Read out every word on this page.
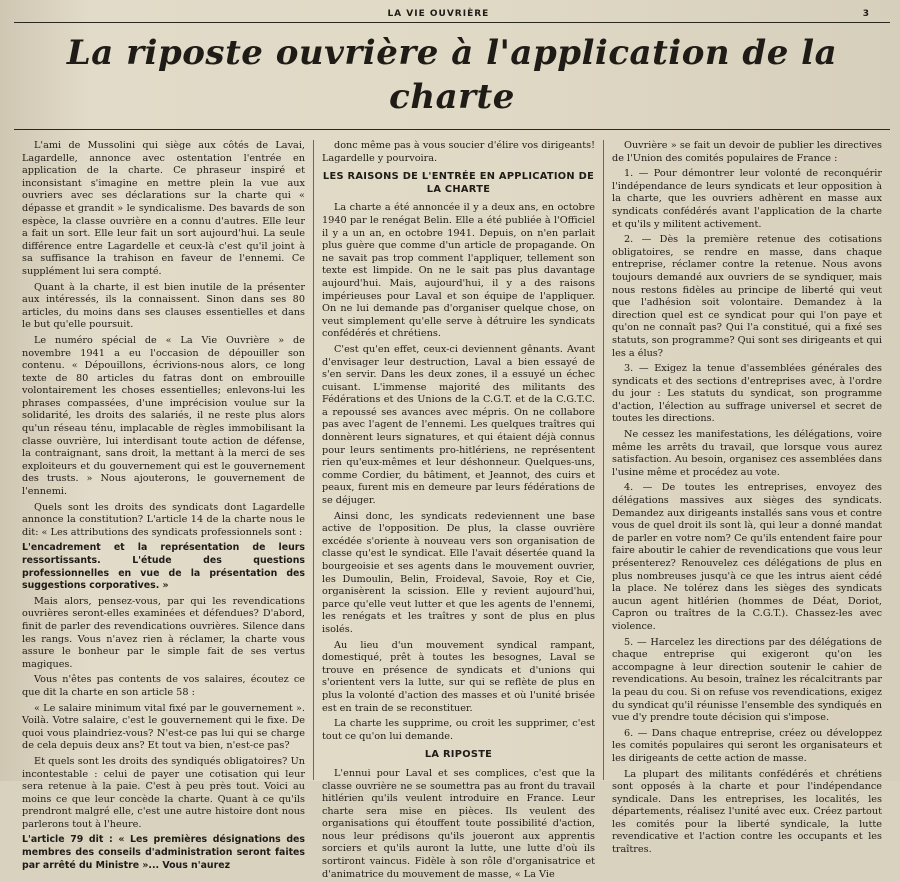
LA VIE OUVRIÈRE	3
La riposte ouvrière à l'application de la charte

L'ami de Mussolini qui siège aux côtés de Lavai, Lagardelle, annonce avec ostentation l'entrée en application de la charte. Ce phraseur inspiré et inconsistant s'imagine en mettre plein la vue aux ouvriers avec ses déclarations sur la charte qui « dépasse et grandit » le syndicalisme. Des bavards de son espèce, la classe ouvrière en a connu d'autres. Elle leur a fait un sort. Elle leur fait un sort aujourd'hui. La seule différence entre Lagardelle et ceux-là c'est qu'il joint à sa suffisance la trahison en faveur de l'ennemi. Ce supplément lui sera compté.

Quant à la charte, il est bien inutile de la présenter aux intéressés, ils la connaissent. Sinon dans ses 80 articles, du moins dans ses clauses essentielles et dans le but qu'elle poursuit.

Le numéro spécial de « La Vie Ouvrière » de novembre 1941 a eu l'occasion de dépouiller son contenu. « Dépouillons, écrivions-nous alors, ce long texte de 80 articles du fatras dont on embrouille volontairement les choses essentielles; enlevons-lui les phrases compassées, d'une imprécision voulue sur la solidarité, les droits des salariés, il ne reste plus alors qu'un réseau ténu, implacable de règles immobilisant la classe ouvrière, lui interdisant toute action de défense, la contraignant, sans droit, la mettant à la merci de ses exploiteurs et du gouvernement qui est le gouvernement des trusts. » Nous ajouterons, le gouvernement de l'ennemi.

Quels sont les droits des syndicats dont Lagardelle annonce la constitution? L'article 14 de la charte nous le dit: « Les attributions des syndicats professionnels sont :

L'encadrement et la représentation de leurs ressortissants. L'étude des questions professionnelles en vue de la présentation des suggestions corporatives. »

Mais alors, pensez-vous, par qui les revendications ouvrières seront-elles examinées et défendues? D'abord, finit de parler des revendications ouvrières. Silence dans les rangs. Vous n'avez rien à réclamer, la charte vous assure le bonheur par le simple fait de ses vertus magiques.

Vous n'êtes pas contents de vos salaires, écoutez ce que dit la charte en son article 58 :

« Le salaire minimum vital fixé par le gouvernement ». Voilà. Votre salaire, c'est le gouvernement qui le fixe. De quoi vous plaindriez-vous? N'est-ce pas lui qui se charge de cela depuis deux ans? Et tout va bien, n'est-ce pas?

Et quels sont les droits des syndiqués obligatoires? Un incontestable : celui de payer une cotisation qui leur sera retenue à la paie. C'est à peu près tout. Voici au moins ce que leur concède la charte. Quant à ce qu'ils prendront malgré elle, c'est une autre histoire dont nous parlerons tout à l'heure.

L'article 79 dit : « Les premières désignations des membres des conseils d'administration seront faites par arrêté du Ministre »... Vous n'aurez

donc même pas à vous soucier d'élire vos dirigeants! Lagardelle y pourvoira.

LES RAISONS DE L'ENTRÉE EN APPLICATION DE LA CHARTE

La charte a été annoncée il y a deux ans, en octobre 1940 par le renégat Belin. Elle a été publiée à l'Officiel il y a un an, en octobre 1941. Depuis, on n'en parlait plus guère que comme d'un article de propagande. On ne savait pas trop comment l'appliquer, tellement son texte est limpide. On ne le sait pas plus davantage aujourd'hui. Mais, aujourd'hui, il y a des raisons impérieuses pour Laval et son équipe de l'appliquer. On ne lui demande pas d'organiser quelque chose, on veut simplement qu'elle serve à détruire les syndicats confédérés et chrétiens.

C'est qu'en effet, ceux-ci deviennent gênants. Avant d'envisager leur destruction, Laval a bien essayé de s'en servir. Dans les deux zones, il a essuyé un échec cuisant. L'immense majorité des militants des Fédérations et des Unions de la C.G.T. et de la C.G.T.C. a repoussé ses avances avec mépris. On ne collabore pas avec l'agent de l'ennemi. Les quelques traîtres qui donnèrent leurs signatures, et qui étaient déjà connus pour leurs sentiments pro-hitlériens, ne représentent rien qu'eux-mêmes et leur déshonneur. Quelques-uns, comme Cordier, du bâtiment, et Jeannot, des cuirs et peaux, furent mis en demeure par leurs fédérations de se déjuger.

Ainsi donc, les syndicats redeviennent une base active de l'opposition. De plus, la classe ouvrière excédée s'oriente à nouveau vers son organisation de classe qu'est le syndicat. Elle l'avait désertée quand la bourgeoisie et ses agents dans le mouvement ouvrier, les Dumoulin, Belin, Froideval, Savoie, Roy et Cie, organisèrent la scission. Elle y revient aujourd'hui, parce qu'elle veut lutter et que les agents de l'ennemi, les renégats et les traîtres y sont de plus en plus isolés.

Au lieu d'un mouvement syndical rampant, domestiqué, prêt à toutes les besognes, Laval se trouve en présence de syndicats et d'unions qui s'orientent vers la lutte, sur qui se reflète de plus en plus la volonté d'action des masses et où l'unité brisée est en train de se reconstituer.

La charte les supprime, ou croit les supprimer, c'est tout ce qu'on lui demande.

LA RIPOSTE

L'ennui pour Laval et ses complices, c'est que la classe ouvrière ne se soumettra pas au front du travail hitlérien qu'ils veulent introduire en France. Leur charte sera mise en pièces. Ils veulent des organisations qui étouffent toute possibilité d'action, nous leur prédisons qu'ils joueront aux apprentis sorciers et qu'ils auront la lutte, une lutte d'où ils sortiront vaincus. Fidèle à son rôle d'organisatrice et d'animatrice du mouvement de masse, « La Vie

Ouvrière » se fait un devoir de publier les directives de l'Union des comités populaires de France :

1. — Pour démontrer leur volonté de reconquérir l'indépendance de leurs syndicats et leur opposition à la charte, que les ouvriers adhèrent en masse aux syndicats confédérés avant l'application de la charte et qu'ils y militent activement.

2. — Dès la première retenue des cotisations obligatoires, se rendre en masse, dans chaque entreprise, réclamer contre la retenue. Nous avons toujours demandé aux ouvriers de se syndiquer, mais nous restons fidèles au principe de liberté qui veut que l'adhésion soit volontaire. Demandez à la direction quel est ce syndicat pour qui l'on paye et qu'on ne connaît pas? Qui l'a constitué, qui a fixé ses statuts, son programme? Qui sont ses dirigeants et qui les a élus?

3. — Exigez la tenue d'assemblées générales des syndicats et des sections d'entreprises avec, à l'ordre du jour : Les statuts du syndicat, son programme d'action, l'élection au suffrage universel et secret de toutes les directions.

Ne cessez les manifestations, les délégations, voire même les arrêts du travail, que lorsque vous aurez satisfaction. Au besoin, organisez ces assemblées dans l'usine même et procédez au vote.

4. — De toutes les entreprises, envoyez des délégations massives aux sièges des syndicats. Demandez aux dirigeants installés sans vous et contre vous de quel droit ils sont là, qui leur a donné mandat de parler en votre nom? Ce qu'ils entendent faire pour faire aboutir le cahier de revendications que vous leur présenterez? Renouvelez ces délégations de plus en plus nombreuses jusqu'à ce que les intrus aient cédé la place. Ne tolérez dans les sièges des syndicats aucun agent hitlérien (hommes de Déat, Doriot, Capron ou traîtres de la C.G.T.). Chassez-les avec violence.

5. — Harcelez les directions par des délégations de chaque entreprise qui exigeront qu'on les accompagne à leur direction soutenir le cahier de revendications. Au besoin, traînez les récalcitrants par la peau du cou. Si on refuse vos revendications, exigez du syndicat qu'il réunisse l'ensemble des syndiqués en vue d'y prendre toute décision qui s'impose.

6. — Dans chaque entreprise, créez ou développez les comités populaires qui seront les organisateurs et les dirigeants de cette action de masse.

La plupart des militants confédérés et chrétiens sont opposés à la charte et pour l'indépendance syndicale. Dans les entreprises, les localités, les départements, réalisez l'unité avec eux. Créez partout les comités pour la liberté syndicale, la lutte revendicative et l'action contre les occupants et les traîtres.
